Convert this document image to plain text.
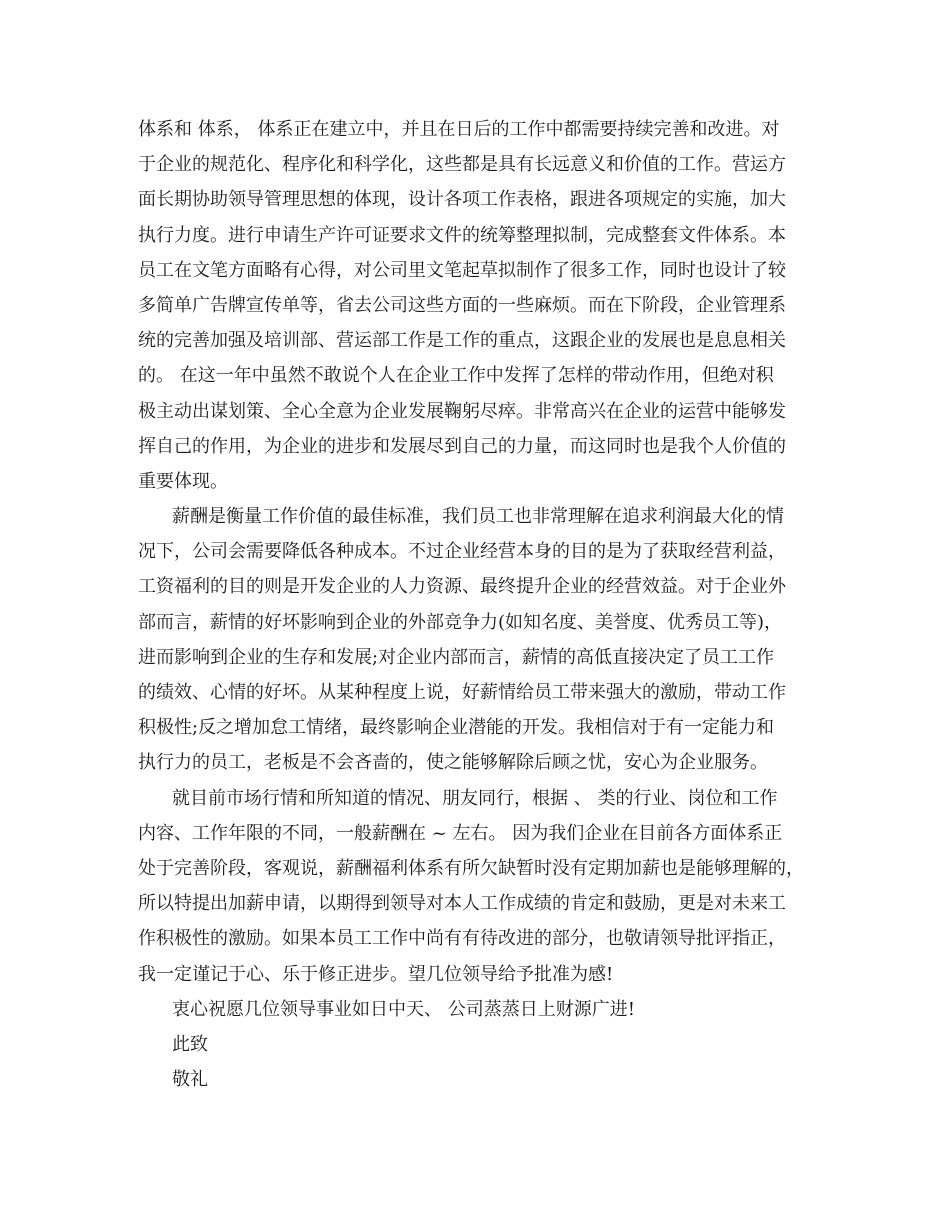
体系和 体系， 体系正在建立中，并且在日后的工作中都需要持续完善和改进。对
于企业的规范化、程序化和科学化，这些都是具有长远意义和价值的工作。营运方
面长期协助领导管理思想的体现，设计各项工作表格，跟进各项规定的实施，加大
执行力度。进行申请生产许可证要求文件的统筹整理拟制，完成整套文件体系。本
员工在文笔方面略有心得，对公司里文笔起草拟制作了很多工作，同时也设计了较
多简单广告牌宣传单等，省去公司这些方面的一些麻烦。而在下阶段，企业管理系
统的完善加强及培训部、营运部工作是工作的重点，这跟企业的发展也是息息相关
的。 在这一年中虽然不敢说个人在企业工作中发挥了怎样的带动作用，但绝对积
极主动出谋划策、全心全意为企业发展鞠躬尽瘁。非常高兴在企业的运营中能够发
挥自己的作用，为企业的进步和发展尽到自己的力量，而这同时也是我个人价值的
重要体现。
薪酬是衡量工作价值的最佳标准，我们员工也非常理解在追求利润最大化的情
况下，公司会需要降低各种成本。不过企业经营本身的目的是为了获取经营利益，
工资福利的目的则是开发企业的人力资源、最终提升企业的经营效益。对于企业外
部而言，薪情的好坏影响到企业的外部竞争力(如知名度、美誉度、优秀员工等)，
进而影响到企业的生存和发展;对企业内部而言，薪情的高低直接决定了员工工作
的绩效、心情的好坏。从某种程度上说，好薪情给员工带来强大的激励，带动工作
积极性;反之增加怠工情绪，最终影响企业潜能的开发。我相信对于有一定能力和
执行力的员工，老板是不会吝啬的，使之能够解除后顾之忧，安心为企业服务。
就目前市场行情和所知道的情况、朋友同行，根据 、 类的行业、岗位和工作
内容、工作年限的不同，一般薪酬在 ~ 左右。 因为我们企业在目前各方面体系正
处于完善阶段，客观说，薪酬福利体系有所欠缺暂时没有定期加薪也是能够理解的，
所以特提出加薪申请，以期得到领导对本人工作成绩的肯定和鼓励，更是对未来工
作积极性的激励。如果本员工工作中尚有有待改进的部分，也敬请领导批评指正，
我一定谨记于心、乐于修正进步。望几位领导给予批准为感!
衷心祝愿几位领导事业如日中天、 公司蒸蒸日上财源广进!
此致
敬礼
